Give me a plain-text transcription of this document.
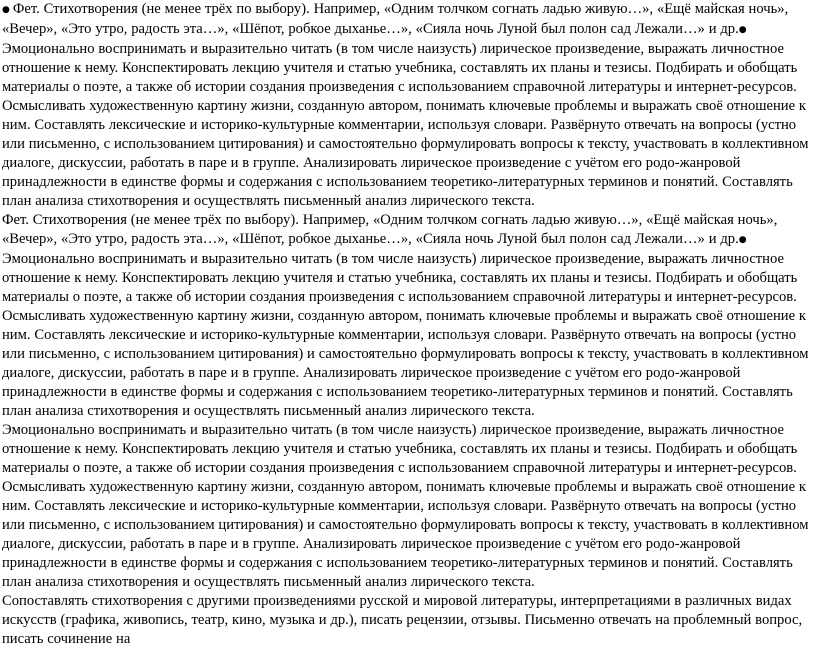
● Фет. Стихотворения (не менее трёх по выбору). Например, «Одним толчком согнать ладью живую…», «Ещё майская ночь», «Вечер», «Это утро, радость эта…», «Шёпот, робкое дыханье…», «Сияла ночь Луной был полон сад Лежали…» и др.● Эмоционально воспринимать и выразительно читать (в том числе наизусть) лирическое произведение, выражать личностное отношение к нему. Конспектировать лекцию учителя и статью учебника, составлять их планы и тезисы. Подбирать и обобщать материалы о поэте, а также об истории создания произведения с использованием справочной литературы и интернет-ресурсов. Осмысливать художественную картину жизни, созданную автором, понимать ключевые проблемы и выражать своё отношение к ним. Составлять лексические и историко-культурные комментарии, используя словари. Развёрнуто отвечать на вопросы (устно или письменно, с использованием цитирования) и самостоятельно формулировать вопросы к тексту, участвовать в коллективном диалоге, дискуссии, работать в паре и в группе. Анализировать лирическое произведение с учётом его родо-жанровой принадлежности в единстве формы и содержания с использованием теоретико-литературных терминов и понятий. Составлять план анализа стихотворения и осуществлять письменный анализ лирического текста.

Фет. Стихотворения (не менее трёх по выбору). Например, «Одним толчком согнать ладью живую…», «Ещё майская ночь», «Вечер», «Это утро, радость эта…», «Шёпот, робкое дыханье…», «Сияла ночь Луной был полон сад Лежали…» и др.● Эмоционально воспринимать и выразительно читать (в том числе наизусть) лирическое произведение, выражать личностное отношение к нему. Конспектировать лекцию учителя и статью учебника, составлять их планы и тезисы. Подбирать и обобщать материалы о поэте, а также об истории создания произведения с использованием справочной литературы и интернет-ресурсов. Осмысливать художественную картину жизни, созданную автором, понимать ключевые проблемы и выражать своё отношение к ним. Составлять лексические и историко-культурные комментарии, используя словари. Развёрнуто отвечать на вопросы (устно или письменно, с использованием цитирования) и самостоятельно формулировать вопросы к тексту, участвовать в коллективном диалоге, дискуссии, работать в паре и в группе. Анализировать лирическое произведение с учётом его родо-жанровой принадлежности в единстве формы и содержания с использованием теоретико-литературных терминов и понятий. Составлять план анализа стихотворения и осуществлять письменный анализ лирического текста.

Эмоционально воспринимать и выразительно читать (в том числе наизусть) лирическое произведение, выражать личностное отношение к нему. Конспектировать лекцию учителя и статью учебника, составлять их планы и тезисы. Подбирать и обобщать материалы о поэте, а также об истории создания произведения с использованием справочной литературы и интернет-ресурсов. Осмысливать художественную картину жизни, созданную автором, понимать ключевые проблемы и выражать своё отношение к ним. Составлять лексические и историко-культурные комментарии, используя словари. Развёрнуто отвечать на вопросы (устно или письменно, с использованием цитирования) и самостоятельно формулировать вопросы к тексту, участвовать в коллективном диалоге, дискуссии, работать в паре и в группе. Анализировать лирическое произведение с учётом его родо-жанровой принадлежности в единстве формы и содержания с использованием теоретико-литературных терминов и понятий. Составлять план анализа стихотворения и осуществлять письменный анализ лирического текста.

Сопоставлять стихотворения с другими произведениями русской и мировой литературы, интерпретациями в различных видах искусств (графика, живопись, театр, кино, музыка и др.), писать рецензии, отзывы. Письменно отвечать на проблемный вопрос, писать сочинение на
